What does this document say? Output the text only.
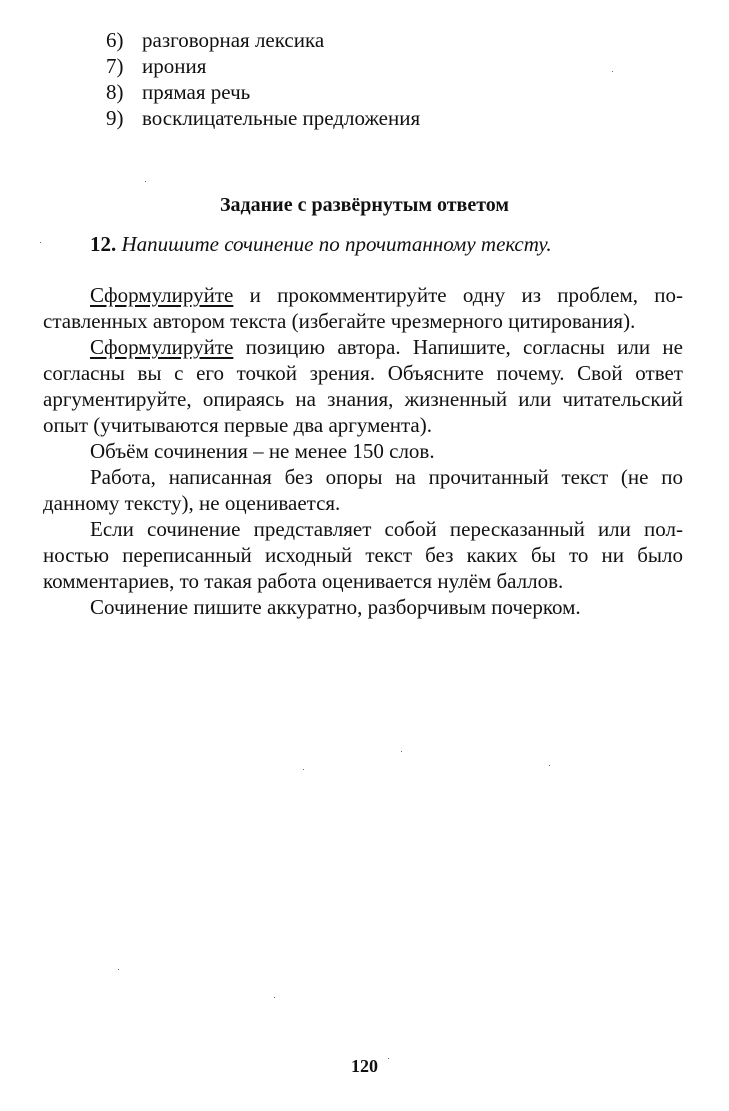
6) разговорная лексика
7) ирония
8) прямая речь
9) восклицательные предложения
Задание с развёрнутым ответом

12. Напишите сочинение по прочитанному тексту.

Сформулируйте и прокомментируйте одну из проблем, поставленных автором текста (избегайте чрезмерного цитирования).

Сформулируйте позицию автора. Напишите, согласны или не согласны вы с его точкой зрения. Объясните почему. Свой ответ аргументируйте, опираясь на знания, жизненный или читательский опыт (учитываются первые два аргумента).

Объём сочинения – не менее 150 слов.

Работа, написанная без опоры на прочитанный текст (не по данному тексту), не оценивается.

Если сочинение представляет собой пересказанный или полностью переписанный исходный текст без каких бы то ни было комментариев, то такая работа оценивается нулём баллов.

Сочинение пишите аккуратно, разборчивым почерком.

120
